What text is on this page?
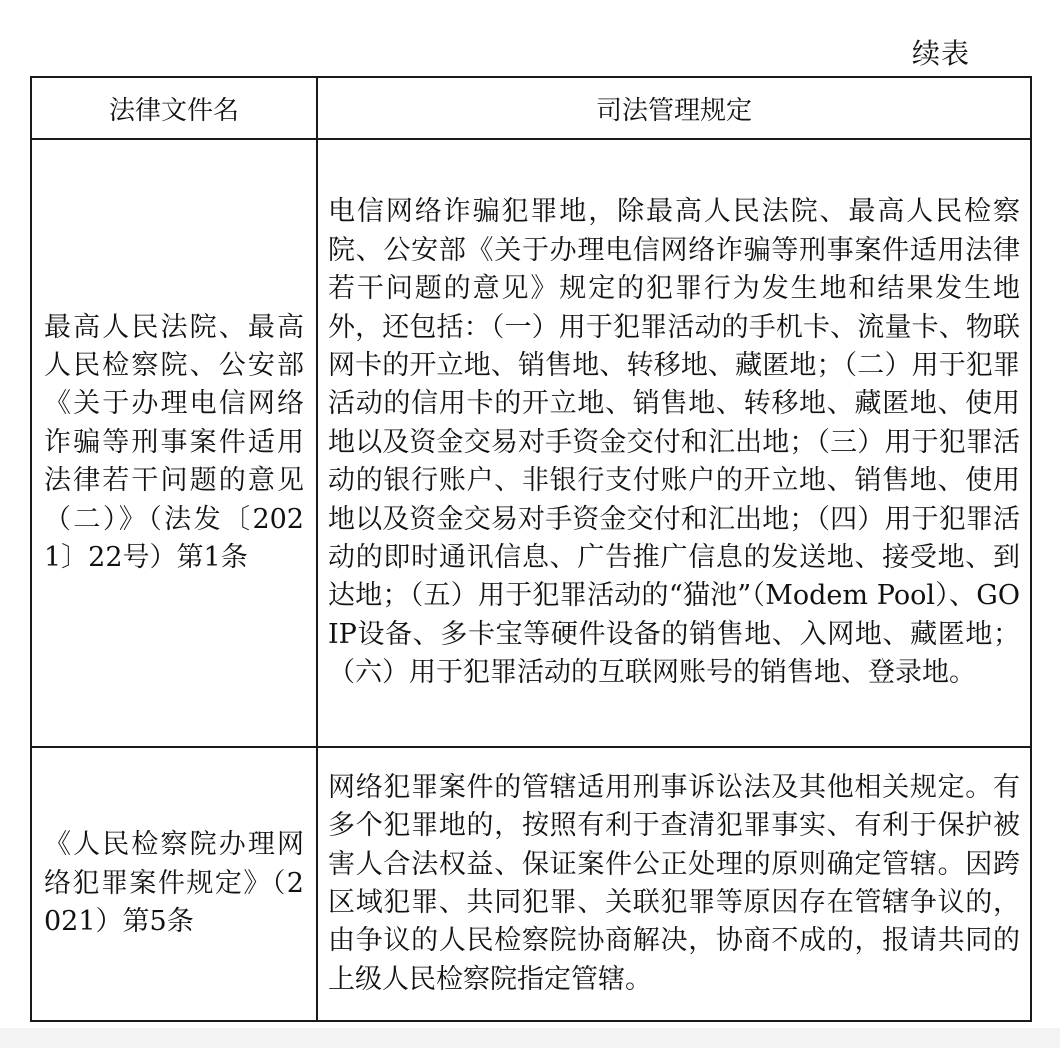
续表
法律文件名	司法管理规定
最高人民法院、最高人民检察院、公安部《关于办理电信网络诈骗等刑事案件适用法律若干问题的意见（二）》（法发〔2021〕22号）第1条	电信网络诈骗犯罪地，除最高人民法院、最高人民检察院、公安部《关于办理电信网络诈骗等刑事案件适用法律若干问题的意见》规定的犯罪行为发生地和结果发生地外，还包括：（一）用于犯罪活动的手机卡、流量卡、物联网卡的开立地、销售地、转移地、藏匿地；（二）用于犯罪活动的信用卡的开立地、销售地、转移地、藏匿地、使用地以及资金交易对手资金交付和汇出地；（三）用于犯罪活动的银行账户、非银行支付账户的开立地、销售地、使用地以及资金交易对手资金交付和汇出地；（四）用于犯罪活动的即时通讯信息、广告推广信息的发送地、接受地、到达地；（五）用于犯罪活动的“猫池”（Modem Pool）、GOIP设备、多卡宝等硬件设备的销售地、入网地、藏匿地；（六）用于犯罪活动的互联网账号的销售地、登录地。
《人民检察院办理网络犯罪案件规定》（2021）第5条	网络犯罪案件的管辖适用刑事诉讼法及其他相关规定。有多个犯罪地的，按照有利于查清犯罪事实、有利于保护被害人合法权益、保证案件公正处理的原则确定管辖。因跨区域犯罪、共同犯罪、关联犯罪等原因存在管辖争议的，由争议的人民检察院协商解决，协商不成的，报请共同的上级人民检察院指定管辖。
